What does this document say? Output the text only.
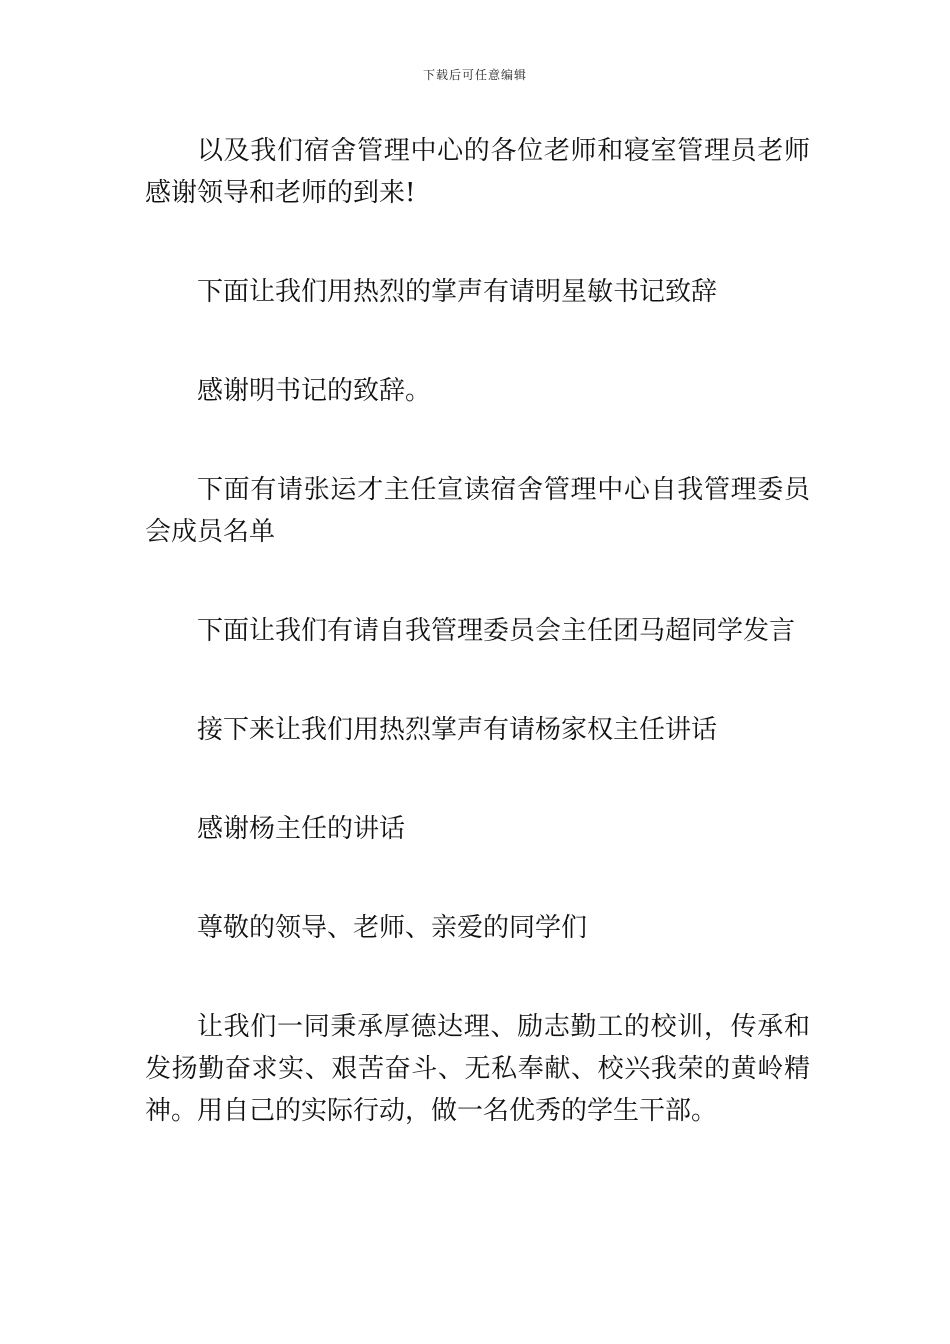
下载后可任意编辑

以及我们宿舍管理中心的各位老师和寝室管理员老师感谢领导和老师的到来!

下面让我们用热烈的掌声有请明星敏书记致辞

感谢明书记的致辞。

下面有请张运才主任宣读宿舍管理中心自我管理委员会成员名单

下面让我们有请自我管理委员会主任团马超同学发言

接下来让我们用热烈掌声有请杨家权主任讲话

感谢杨主任的讲话

尊敬的领导、老师、亲爱的同学们

让我们一同秉承厚德达理、励志勤工的校训，传承和发扬勤奋求实、艰苦奋斗、无私奉献、校兴我荣的黄岭精神。用自己的实际行动，做一名优秀的学生干部。
